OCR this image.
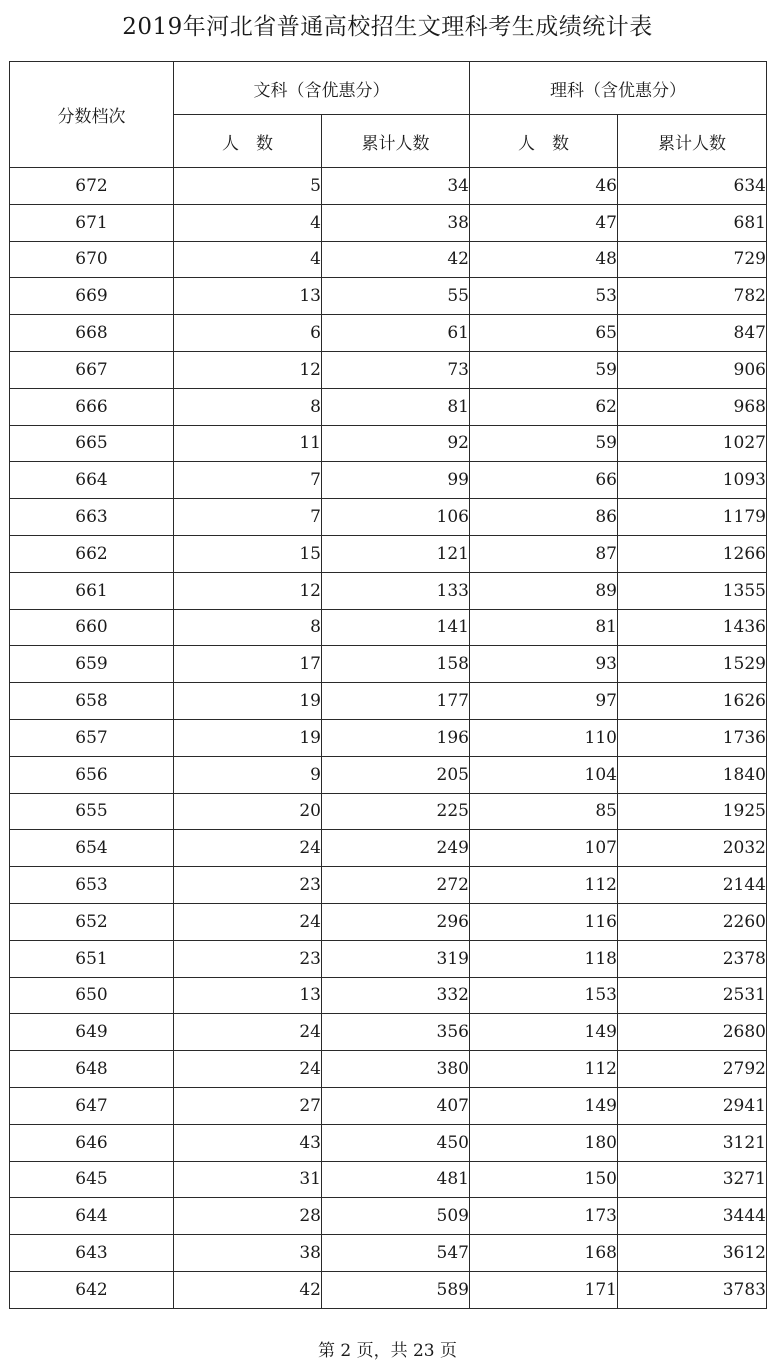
2019年河北省普通高校招生文理科考生成绩统计表
分数档次	文科（含优惠分）		理科（含优惠分）	
	人　数	累计人数	人　数	累计人数
672	5	34	46	634
671	4	38	47	681
670	4	42	48	729
669	13	55	53	782
668	6	61	65	847
667	12	73	59	906
666	8	81	62	968
665	11	92	59	1027
664	7	99	66	1093
663	7	106	86	1179
662	15	121	87	1266
661	12	133	89	1355
660	8	141	81	1436
659	17	158	93	1529
658	19	177	97	1626
657	19	196	110	1736
656	9	205	104	1840
655	20	225	85	1925
654	24	249	107	2032
653	23	272	112	2144
652	24	296	116	2260
651	23	319	118	2378
650	13	332	153	2531
649	24	356	149	2680
648	24	380	112	2792
647	27	407	149	2941
646	43	450	180	3121
645	31	481	150	3271
644	28	509	173	3444
643	38	547	168	3612
642	42	589	171	3783
第 2 页，共 23 页
